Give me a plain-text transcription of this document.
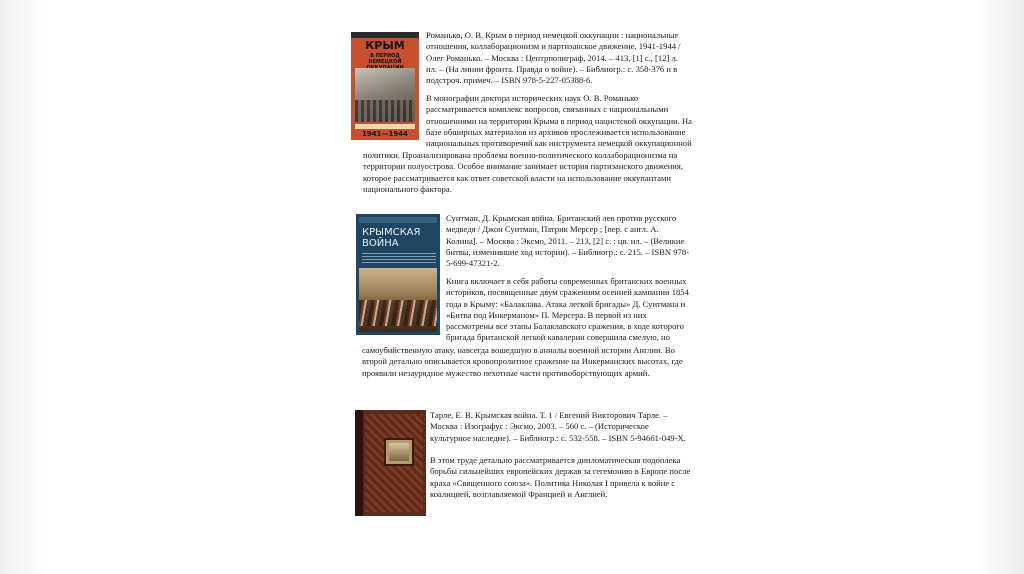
КРЫМ
В ПЕРИОД НЕМЕЦКОЙ

1941—1944

Романько, О. В. Крым в период немецкой оккупации : национальные
отношения, коллаборационизм и партизанское движение, 1941-1944 /
Олег Романько. – Москва : Центрполиграф, 2014. – 413, [1] с., [12] л.
ил. – (На линии фронта. Правда о войне). – Библиогр.: с. 358-376 и в
подстроч. примеч. – ISBN 978-5-227-05388-6.

В монографии доктора исторических наук О. В. Романько
рассматривается комплекс вопросов, связанных с национальными
отношениями на территории Крыма в период нацистской оккупации. На
базе обширных материалов из архивов прослеживается использование
национальных противоречий как инструмента немецкой оккупационной

политики. Проанализирована проблема военно-политического коллаборационизма на
территории полуострова. Особое внимание занимает история партизанского движения,
которое рассматривается как ответ советской власти на использование оккупантами
национального фактора.

КРЫМСКАЯ
ВОЙНА

Суитман, Д. Крымская война. Британский лев против русского
медведя / Джон Суитман, Патрик Мерсер ; [пер. с англ. А.
Колина]. – Москва : Эксмо, 2011. – 213, [2] с. : цв. ил. – (Великие
битвы, изменившие ход истории). – Библиогр.: с. 215. – ISBN 978-
5-699-47321-2.

Книга включает в себя работы современных британских военных
историков, посвященные двум сражениям осенней кампании 1854
года в Крыму: «Балаклава. Атака легкой бригады» Д. Суитмана и
«Битва под Инкерманом» П. Мерсера. В первой из них
рассмотрены все этапы Балаклавского сражения, в ходе которого
бригада британской легкой кавалерии совершила смелую, но

самоубийственную атаку, навсегда вошедшую в анналы военной истории Англии. Во
второй детально описывается кровопролитное сражение на Инкерманских высотах, где
проявили незаурядное мужество пехотные части противоборствующих армий.

Тарле, Е. В. Крымская война. Т. 1 / Евгений Викторович Тарле. –
Москва : Изографус : Эксмо, 2003. – 560 с. – (Историческое
культурное наследие). – Библиогр.: с. 532-558. – ISBN 5-94661-049-X.

В этом труде детально рассматривается дипломатическая подоплека
борьбы сильнейших европейских держав за гегемонию в Европе после
краха «Священного союза». Политика Николая I привела к войне с
коалицией, возглавляемой Францией и Англией.
